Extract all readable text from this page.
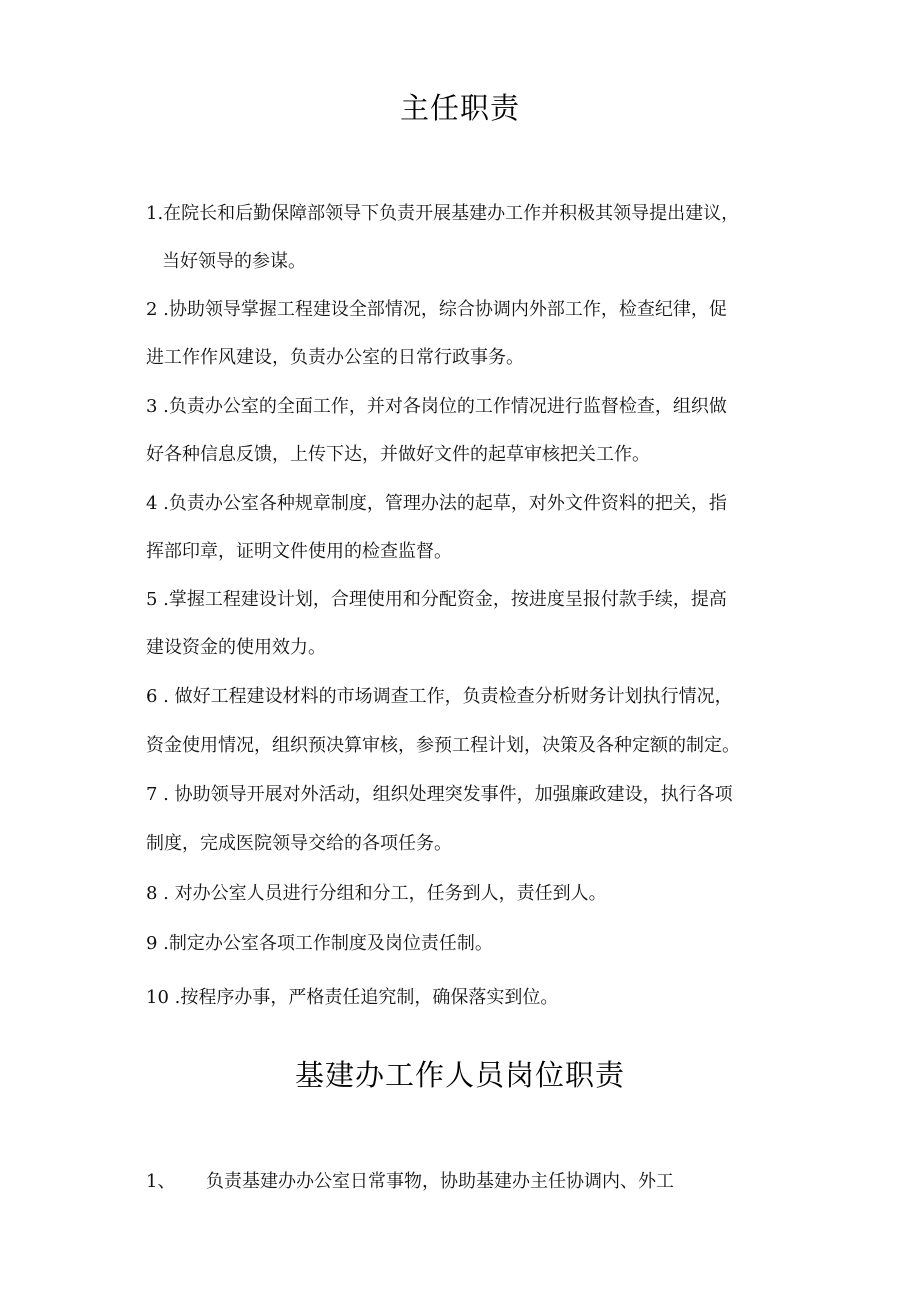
主任职责
1.在院长和后勤保障部领导下负责开展基建办工作并积极其领导提出建议，
当好领导的参谋。
2 .协助领导掌握工程建设全部情况，综合协调内外部工作，检查纪律，促
进工作作风建设，负责办公室的日常行政事务。
3 .负责办公室的全面工作，并对各岗位的工作情况进行监督检查，组织做
好各种信息反馈，上传下达，并做好文件的起草审核把关工作。
4 .负责办公室各种规章制度，管理办法的起草，对外文件资料的把关，指
挥部印章，证明文件使用的检查监督。
5 .掌握工程建设计划，合理使用和分配资金，按进度呈报付款手续，提高
建设资金的使用效力。
6 . 做好工程建设材料的市场调查工作，负责检查分析财务计划执行情况，
资金使用情况，组织预决算审核，参预工程计划，决策及各种定额的制定。
7 . 协助领导开展对外活动，组织处理突发事件，加强廉政建设，执行各项
制度，完成医院领导交给的各项任务。
8 . 对办公室人员进行分组和分工，任务到人，责任到人。
9 .制定办公室各项工作制度及岗位责任制。
10 .按程序办事，严格责任追究制，确保落实到位。
基建办工作人员岗位职责
1、 负责基建办办公室日常事物，协助基建办主任协调内、外工
